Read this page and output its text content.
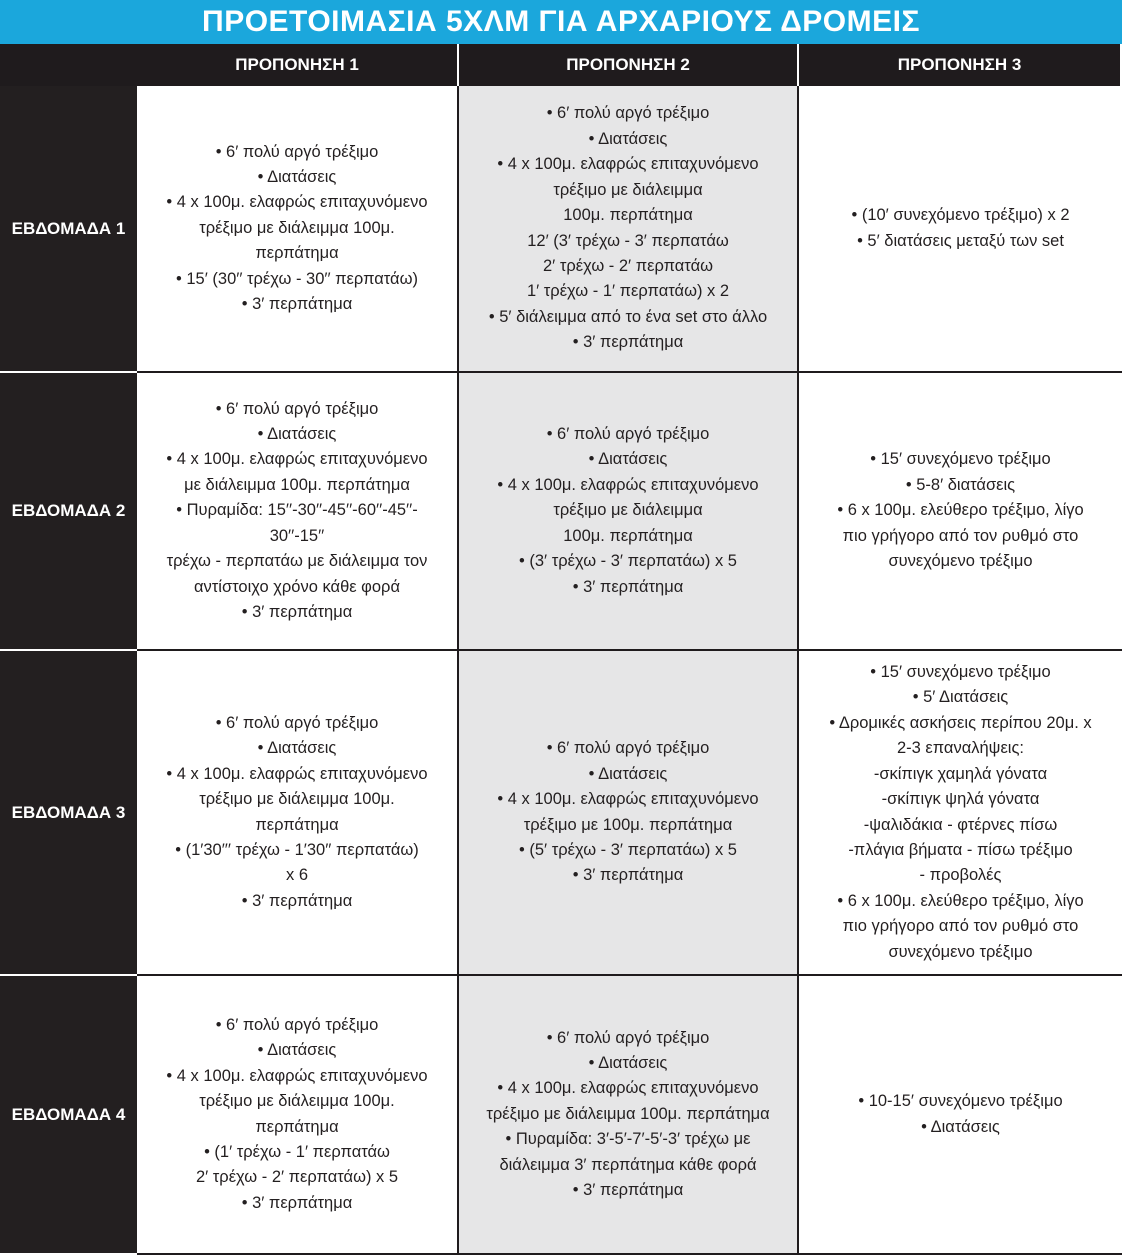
ΠΡΟΕΤΟΙΜΑΣΙΑ 5ΧΛΜ ΓΙΑ ΑΡΧΑΡΙΟΥΣ ΔΡΟΜΕΙΣ
ΠΡΟΠΟΝΗΣΗ 1	ΠΡΟΠΟΝΗΣΗ 2	ΠΡΟΠΟΝΗΣΗ 3
ΕΒΔΟΜΑΔΑ 1
• 6′ πολύ αργό τρέξιμο
• Διατάσεις
• 4 x 100μ. ελαφρώς επιταχυνόμενο
τρέξιμο με διάλειμμα 100μ.
περπάτημα
• 15′ (30′′ τρέχω - 30′′ περπατάω)
• 3′ περπάτημα
• 6′ πολύ αργό τρέξιμο
• Διατάσεις
• 4 x 100μ. ελαφρώς επιταχυνόμενο
τρέξιμο με διάλειμμα
100μ. περπάτημα
12′ (3′ τρέχω - 3′ περπατάω
2′ τρέχω - 2′ περπατάω
1′ τρέχω - 1′ περπατάω) x 2
• 5′ διάλειμμα από το ένα set στο άλλο
• 3′ περπάτημα
• (10′ συνεχόμενο τρέξιμο) x 2
• 5′ διατάσεις μεταξύ των set
ΕΒΔΟΜΑΔΑ 2
• 6′ πολύ αργό τρέξιμο
• Διατάσεις
• 4 x 100μ. ελαφρώς επιταχυνόμενο
με διάλειμμα 100μ. περπάτημα
• Πυραμίδα: 15′′-30′′-45′′-60′′-45′′-
30′′-15′′
τρέχω - περπατάω με διάλειμμα τον
αντίστοιχο χρόνο κάθε φορά
• 3′ περπάτημα
• 6′ πολύ αργό τρέξιμο
• Διατάσεις
• 4 x 100μ. ελαφρώς επιταχυνόμενο
τρέξιμο με διάλειμμα
100μ. περπάτημα
• (3′ τρέχω - 3′ περπατάω) x 5
• 3′ περπάτημα
• 15′ συνεχόμενο τρέξιμο
• 5-8′ διατάσεις
• 6 x 100μ. ελεύθερο τρέξιμο, λίγο
πιο γρήγορο από τον ρυθμό στο
συνεχόμενο τρέξιμο
ΕΒΔΟΜΑΔΑ 3
• 6′ πολύ αργό τρέξιμο
• Διατάσεις
• 4 x 100μ. ελαφρώς επιταχυνόμενο
τρέξιμο με διάλειμμα 100μ.
περπάτημα
• (1′30′′′ τρέχω - 1′30′′ περπατάω)
x 6
• 3′ περπάτημα
• 6′ πολύ αργό τρέξιμο
• Διατάσεις
• 4 x 100μ. ελαφρώς επιταχυνόμενο
τρέξιμο με 100μ. περπάτημα
• (5′ τρέχω - 3′ περπατάω) x 5
• 3′ περπάτημα
• 15′ συνεχόμενο τρέξιμο
• 5′ Διατάσεις
• Δρομικές ασκήσεις περίπου 20μ. x
2-3 επαναλήψεις:
-σκίπιγκ χαμηλά γόνατα
-σκίπιγκ ψηλά γόνατα
-ψαλιδάκια - φτέρνες πίσω
-πλάγια βήματα - πίσω τρέξιμο
- προβολές
• 6 x 100μ. ελεύθερο τρέξιμο, λίγο
πιο γρήγορο από τον ρυθμό στο
συνεχόμενο τρέξιμο
ΕΒΔΟΜΑΔΑ 4
• 6′ πολύ αργό τρέξιμο
• Διατάσεις
• 4 x 100μ. ελαφρώς επιταχυνόμενο
τρέξιμο με διάλειμμα 100μ.
περπάτημα
• (1′ τρέχω - 1′ περπατάω
2′ τρέχω - 2′ περπατάω) x 5
• 3′ περπάτημα
• 6′ πολύ αργό τρέξιμο
• Διατάσεις
• 4 x 100μ. ελαφρώς επιταχυνόμενο
τρέξιμο με διάλειμμα 100μ. περπάτημα
• Πυραμίδα: 3′-5′-7′-5′-3′ τρέχω με
διάλειμμα 3′ περπάτημα κάθε φορά
• 3′ περπάτημα
• 10-15′ συνεχόμενο τρέξιμο
• Διατάσεις
